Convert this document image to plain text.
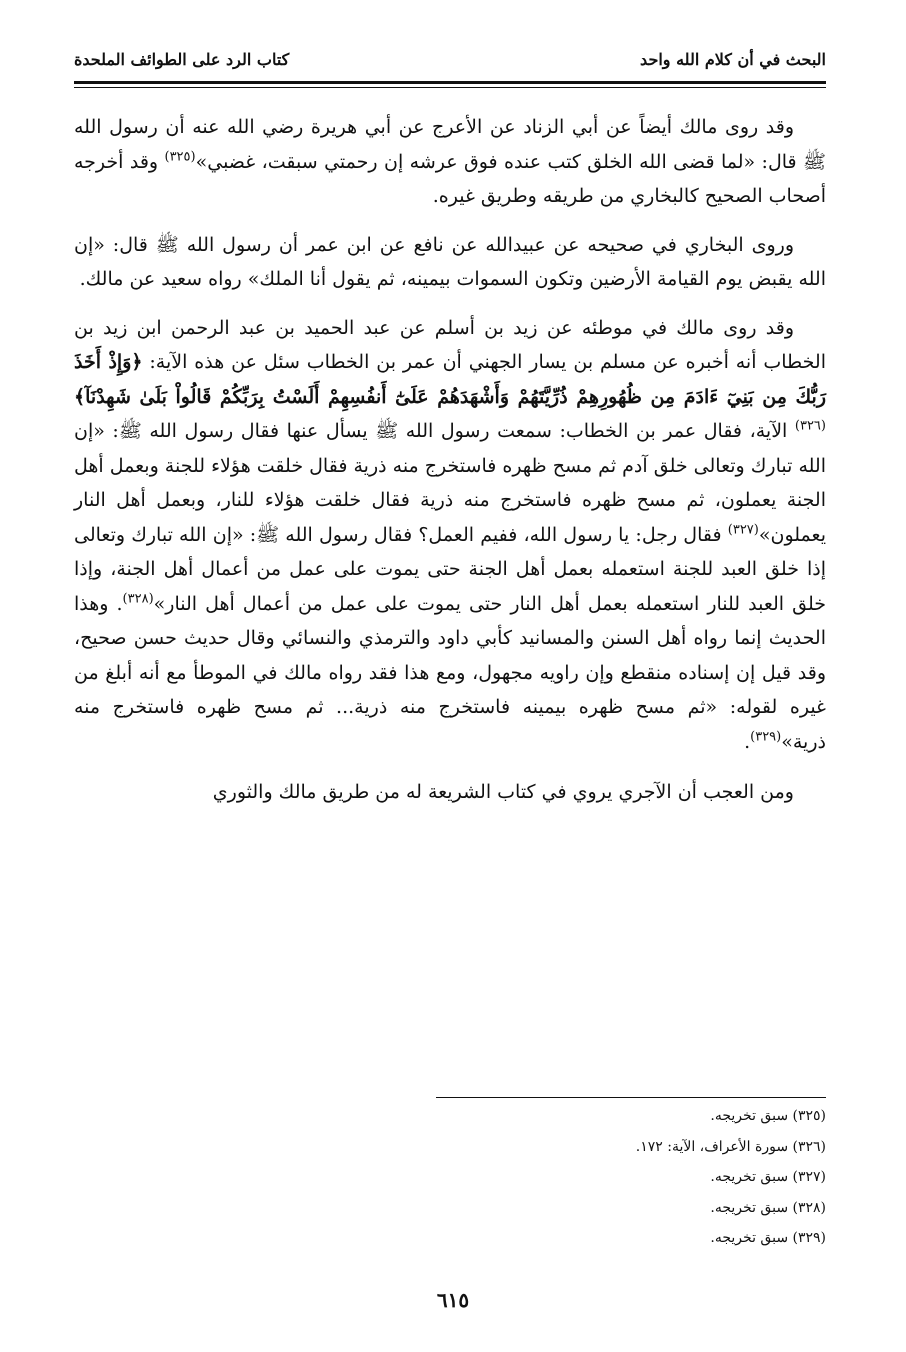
البحث في أن كلام الله واحد
كتاب الرد على الطوائف الملحدة

وقد روى مالك أيضاً عن أبي الزناد عن الأعرج عن أبي هريرة رضي الله عنه أن رسول الله ﷺ قال: «لما قضى الله الخلق كتب عنده فوق عرشه إن رحمتي سبقت، غضبي»$^{(٣٢٥)}$ وقد أخرجه أصحاب الصحيح كالبخاري من طريقه وطريق غيره.

وروى البخاري في صحيحه عن عبيدالله عن نافع عن ابن عمر أن رسول الله ﷺ قال: «إن الله يقبض يوم القيامة الأرضين وتكون السموات بيمينه، ثم يقول أنا الملك» رواه سعيد عن مالك.

وقد روى مالك في موطئه عن زيد بن أسلم عن عبد الحميد بن عبد الرحمن ابن زيد بن الخطاب أنه أخبره عن مسلم بن يسار الجهني أن عمر بن الخطاب سئل عن هذه الآية: ﴿وَإِذْ أَخَذَ رَبُّكَ مِن بَنِيٓ ءَادَمَ مِن ظُهُورِهِمْ ذُرِّيَّتَهُمْ وَأَشْهَدَهُمْ عَلَىٰٓ أَنفُسِهِمْ أَلَسْتُ بِرَبِّكُمْ قَالُواْ بَلَىٰ شَهِدْنَآ﴾$^{(٣٢٦)}$ الآية، فقال عمر بن الخطاب: سمعت رسول الله ﷺ يسأل عنها فقال رسول الله ﷺ: «إن الله تبارك وتعالى خلق آدم ثم مسح ظهره فاستخرج منه ذرية فقال خلقت هؤلاء للجنة وبعمل أهل الجنة يعملون، ثم مسح ظهره فاستخرج منه ذرية فقال خلقت هؤلاء للنار، وبعمل أهل النار يعملون»$^{(٣٢٧)}$ فقال رجل: يا رسول الله، ففيم العمل؟ فقال رسول الله ﷺ: «إن الله تبارك وتعالى إذا خلق العبد للجنة استعمله بعمل أهل الجنة حتى يموت على عمل من أعمال أهل الجنة، وإذا خلق العبد للنار استعمله بعمل أهل النار حتى يموت على عمل من أعمال أهل النار»$^{(٣٢٨)}$. وهذا الحديث إنما رواه أهل السنن والمسانيد كأبي داود والترمذي والنسائي وقال حديث حسن صحيح، وقد قيل إن إسناده منقطع وإن راويه مجهول، ومع هذا فقد رواه مالك في الموطأ مع أنه أبلغ من غيره لقوله: «ثم مسح ظهره بيمينه فاستخرج منه ذرية... ثم مسح ظهره فاستخرج منه ذرية»$^{(٣٢٩)}$.

ومن العجب أن الآجري يروي في كتاب الشريعة له من طريق مالك والثوري

(٣٢٥) سبق تخريجه.
(٣٢٦) سورة الأعراف، الآية: ١٧٢.
(٣٢٧) سبق تخريجه.
(٣٢٨) سبق تخريجه.
(٣٢٩) سبق تخريجه.
٦١٥
